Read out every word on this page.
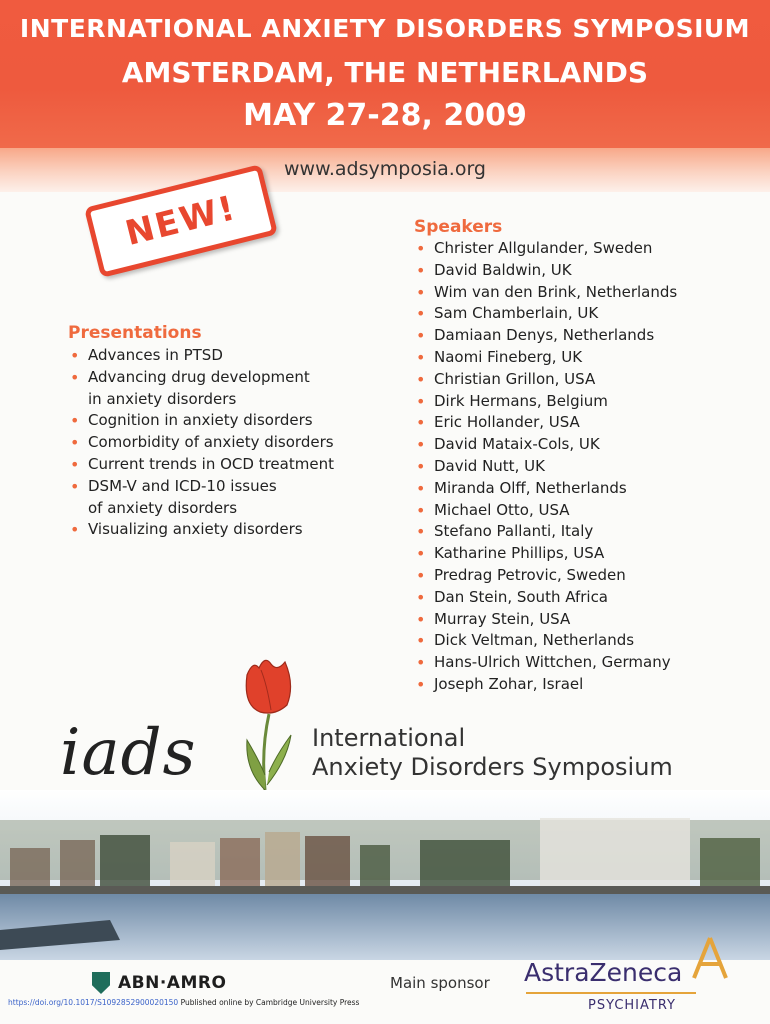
INTERNATIONAL ANXIETY DISORDERS SYMPOSIUM
AMSTERDAM, THE NETHERLANDS
MAY 27-28, 2009
www.adsymposia.org
NEW!
Presentations
• Advances in PTSD
• Advancing drug development
in anxiety disorders
• Cognition in anxiety disorders
• Comorbidity of anxiety disorders
• Current trends in OCD treatment
• DSM-V and ICD-10 issues
of anxiety disorders
• Visualizing anxiety disorders
Speakers
• Christer Allgulander, Sweden
• David Baldwin, UK
• Wim van den Brink, Netherlands
• Sam Chamberlain, UK
• Damiaan Denys, Netherlands
• Naomi Fineberg, UK
• Christian Grillon, USA
• Dirk Hermans, Belgium
• Eric Hollander, USA
• David Mataix-Cols, UK
• David Nutt, UK
• Miranda Olff, Netherlands
• Michael Otto, USA
• Stefano Pallanti, Italy
• Katharine Phillips, USA
• Predrag Petrovic, Sweden
• Dan Stein, South Africa
• Murray Stein, USA
• Dick Veltman, Netherlands
• Hans-Ulrich Wittchen, Germany
• Joseph Zohar, Israel
iads	International
Anxiety Disorders Symposium
ABN·AMRO	Main sponsor AstraZeneca
PSYCHIATRY
https://doi.org/10.1017/S1092852900020150 Published online by Cambridge University Press
